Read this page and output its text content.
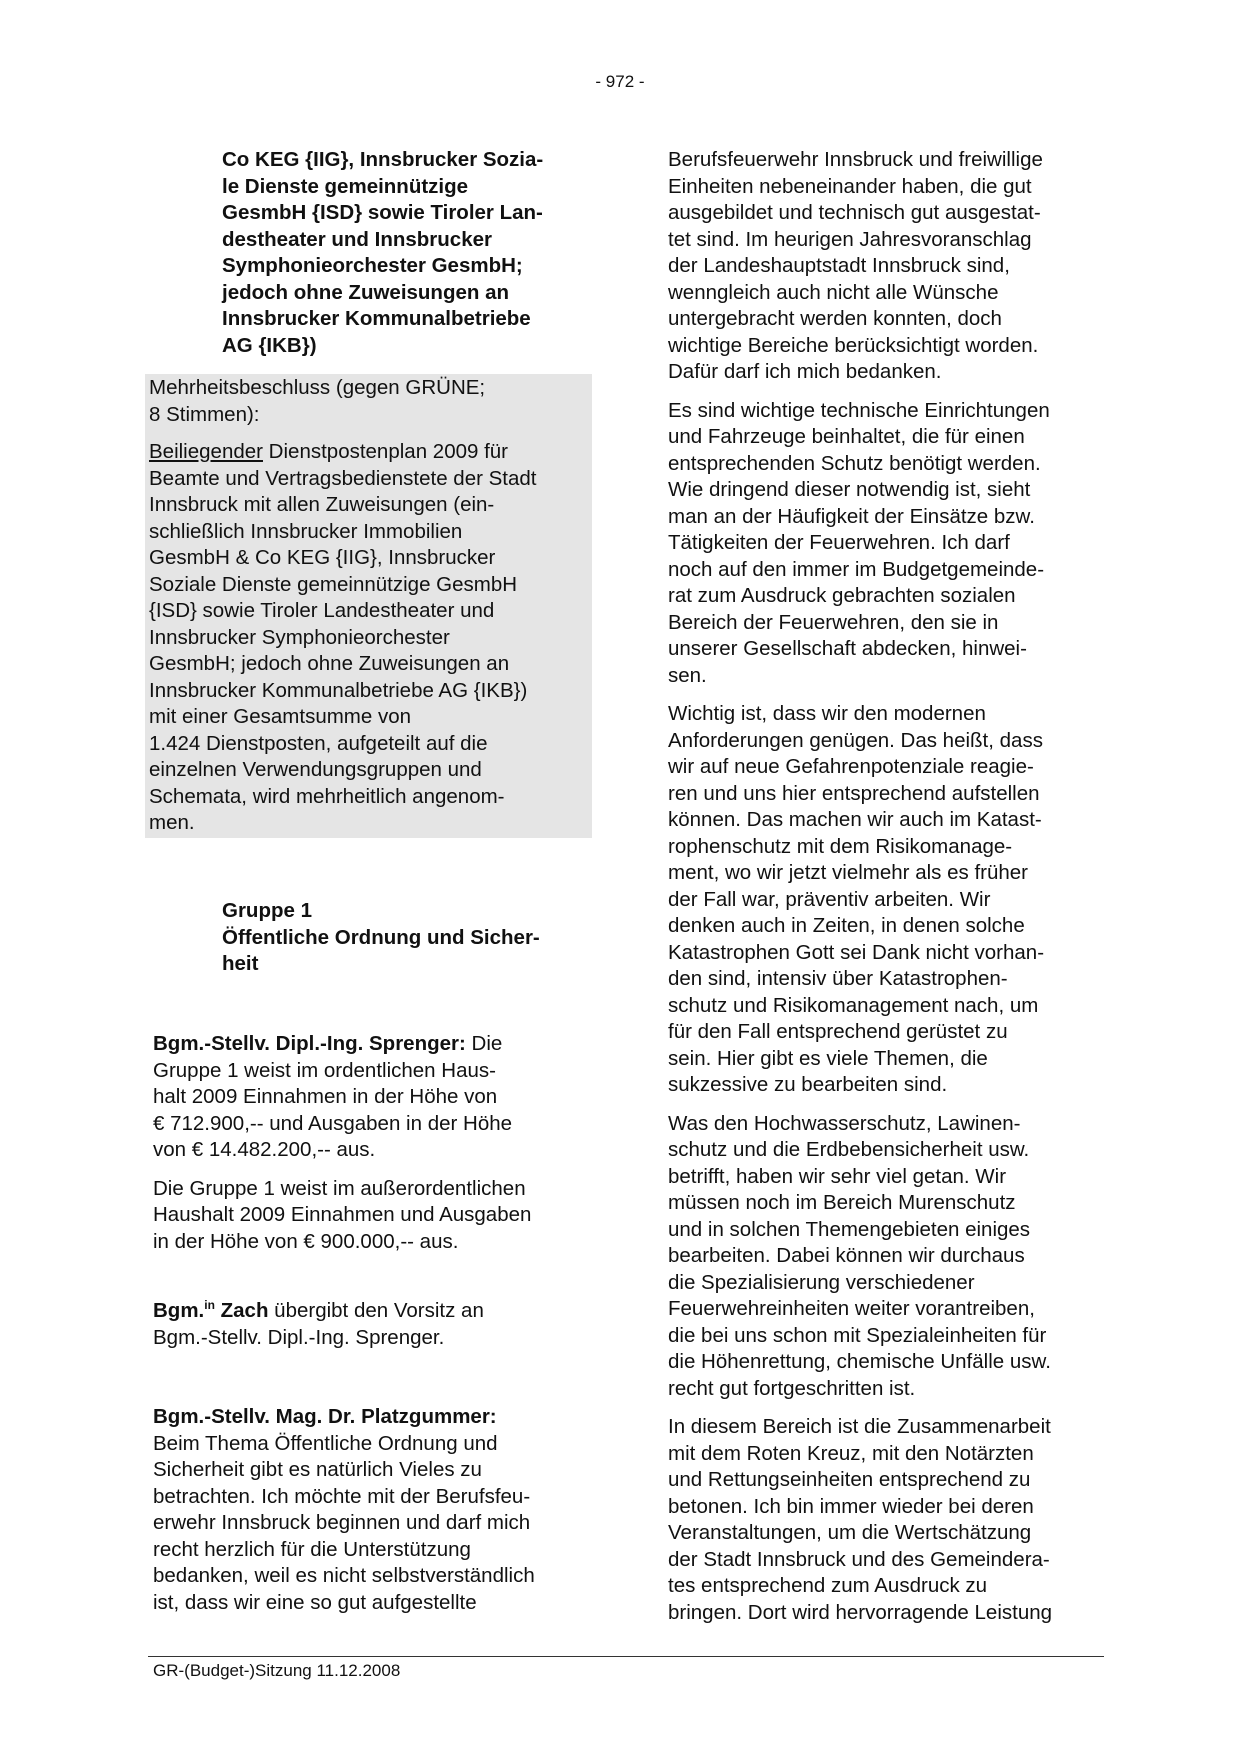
- 972 -
Co KEG {IIG}, Innsbrucker Sozia-
le Dienste gemeinnützige
GesmbH {ISD} sowie Tiroler Lan-
destheater und Innsbrucker
Symphonieorchester GesmbH;
jedoch ohne Zuweisungen an
Innsbrucker Kommunalbetriebe
AG {IKB})
Mehrheitsbeschluss (gegen GRÜNE;
8 Stimmen):
Beiliegender Dienstpostenplan 2009 für
Beamte und Vertragsbedienstete der Stadt
Innsbruck mit allen Zuweisungen (ein-
schließlich Innsbrucker Immobilien
GesmbH & Co KEG {IIG}, Innsbrucker
Soziale Dienste gemeinnützige GesmbH
{ISD} sowie Tiroler Landestheater und
Innsbrucker Symphonieorchester
GesmbH; jedoch ohne Zuweisungen an
Innsbrucker Kommunalbetriebe AG {IKB})
mit einer Gesamtsumme von
1.424 Dienstposten, aufgeteilt auf die
einzelnen Verwendungsgruppen und
Schemata, wird mehrheitlich angenom-
men.
Gruppe 1
Öffentliche Ordnung und Sicher-
heit
Bgm.-Stellv. Dipl.-Ing. Sprenger: Die
Gruppe 1 weist im ordentlichen Haus-
halt 2009 Einnahmen in der Höhe von
€ 712.900,-- und Ausgaben in der Höhe
von € 14.482.200,-- aus.
Die Gruppe 1 weist im außerordentlichen
Haushalt 2009 Einnahmen und Ausgaben
in der Höhe von € 900.000,-- aus.
Bgm.$^{in}$ Zach übergibt den Vorsitz an
Bgm.-Stellv. Dipl.-Ing. Sprenger.
Bgm.-Stellv. Mag. Dr. Platzgummer:
Beim Thema Öffentliche Ordnung und
Sicherheit gibt es natürlich Vieles zu
betrachten. Ich möchte mit der Berufsfeu-
erwehr Innsbruck beginnen und darf mich
recht herzlich für die Unterstützung
bedanken, weil es nicht selbstverständlich
ist, dass wir eine so gut aufgestellte
Berufsfeuerwehr Innsbruck und freiwillige
Einheiten nebeneinander haben, die gut
ausgebildet und technisch gut ausgestat-
tet sind. Im heurigen Jahresvoranschlag
der Landeshauptstadt Innsbruck sind,
wenngleich auch nicht alle Wünsche
untergebracht werden konnten, doch
wichtige Bereiche berücksichtigt worden.
Dafür darf ich mich bedanken.
Es sind wichtige technische Einrichtungen
und Fahrzeuge beinhaltet, die für einen
entsprechenden Schutz benötigt werden.
Wie dringend dieser notwendig ist, sieht
man an der Häufigkeit der Einsätze bzw.
Tätigkeiten der Feuerwehren. Ich darf
noch auf den immer im Budgetgemeinde-
rat zum Ausdruck gebrachten sozialen
Bereich der Feuerwehren, den sie in
unserer Gesellschaft abdecken, hinwei-
sen.
Wichtig ist, dass wir den modernen
Anforderungen genügen. Das heißt, dass
wir auf neue Gefahrenpotenziale reagie-
ren und uns hier entsprechend aufstellen
können. Das machen wir auch im Katast-
rophenschutz mit dem Risikomanage-
ment, wo wir jetzt vielmehr als es früher
der Fall war, präventiv arbeiten. Wir
denken auch in Zeiten, in denen solche
Katastrophen Gott sei Dank nicht vorhan-
den sind, intensiv über Katastrophen-
schutz und Risikomanagement nach, um
für den Fall entsprechend gerüstet zu
sein. Hier gibt es viele Themen, die
sukzessive zu bearbeiten sind.
Was den Hochwasserschutz, Lawinen-
schutz und die Erdbebensicherheit usw.
betrifft, haben wir sehr viel getan. Wir
müssen noch im Bereich Murenschutz
und in solchen Themengebieten einiges
bearbeiten. Dabei können wir durchaus
die Spezialisierung verschiedener
Feuerwehreinheiten weiter vorantreiben,
die bei uns schon mit Spezialeinheiten für
die Höhenrettung, chemische Unfälle usw.
recht gut fortgeschritten ist.
In diesem Bereich ist die Zusammenarbeit
mit dem Roten Kreuz, mit den Notärzten
und Rettungseinheiten entsprechend zu
betonen. Ich bin immer wieder bei deren
Veranstaltungen, um die Wertschätzung
der Stadt Innsbruck und des Gemeindera-
tes entsprechend zum Ausdruck zu
bringen. Dort wird hervorragende Leistung
GR-(Budget-)Sitzung 11.12.2008
